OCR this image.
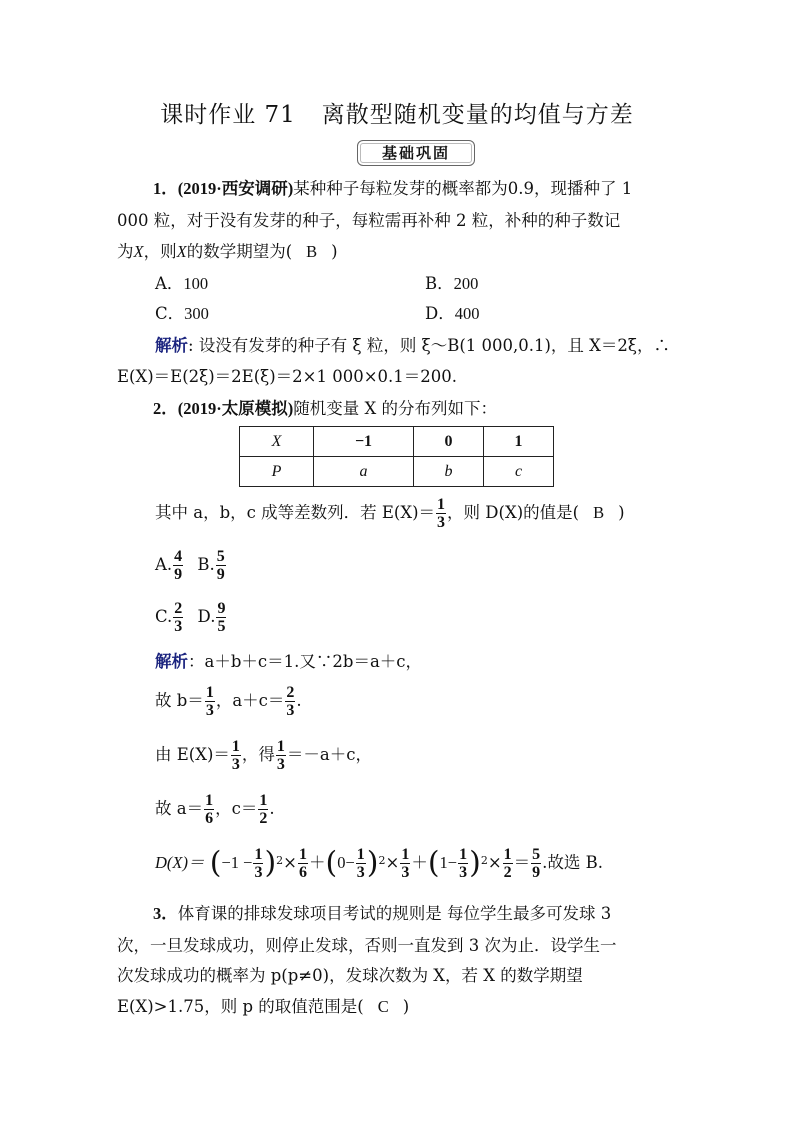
课时作业 71 离散型随机变量的均值与方差
基础巩固
1．(2019·西安调研)某种种子每粒发芽的概率都为0.9，现播种了 1
000 粒，对于没有发芽的种子，每粒需再补种 2 粒，补种的种子数记
为X，则X的数学期望为( B )
A．100	B．200
C．300	D．400
解析: 设没有发芽的种子有 ξ 粒，则 ξ～B(1 000,0.1)，且 X＝2ξ，∴
E(X)＝E(2ξ)＝2E(ξ)＝2×1 000×0.1＝200.
2．(2019·太原模拟)随机变量 X 的分布列如下：
X	−1	0	1
P	a	b	c
其中 a，b，c 成等差数列．若 $E(X)= \frac{1}{3}$ ，则 D(X)的值是( B )
A. $\frac{4}{9} B$. $\frac{5}{9}$
C. $\frac{2}{3} D$. $\frac{9}{5}$
解析：a＋b＋c＝1.又∵2b＝a＋c，
故 $b= \frac{1}{3}$ ，$a+c= \frac{2}{3}$ .
由 $E(X)= \frac{1}{3}$ ，得 $\frac{1}{3} =-a+c$，
故 $a= \frac{1}{6}$ ，$c= \frac{1}{2}$ .
$D(X)= (-1 - \frac{1}{3} )^2\times \frac{1}{6} +(0- \frac{1}{3} )^2\times \frac{1}{3} +(1- \frac{1}{3} )^2\times \frac{1}{2} = \frac{5}{9}$ .故选 B.
3．体育课的排球发球项目考试的规则是 每位学生最多可发球 3
次，一旦发球成功，则停止发球，否则一直发到 3 次为止．设学生一
次发球成功的概率为 p(p≠0)，发球次数为 X，若 X 的数学期望
E(X)>1.75，则 p 的取值范围是( C )
